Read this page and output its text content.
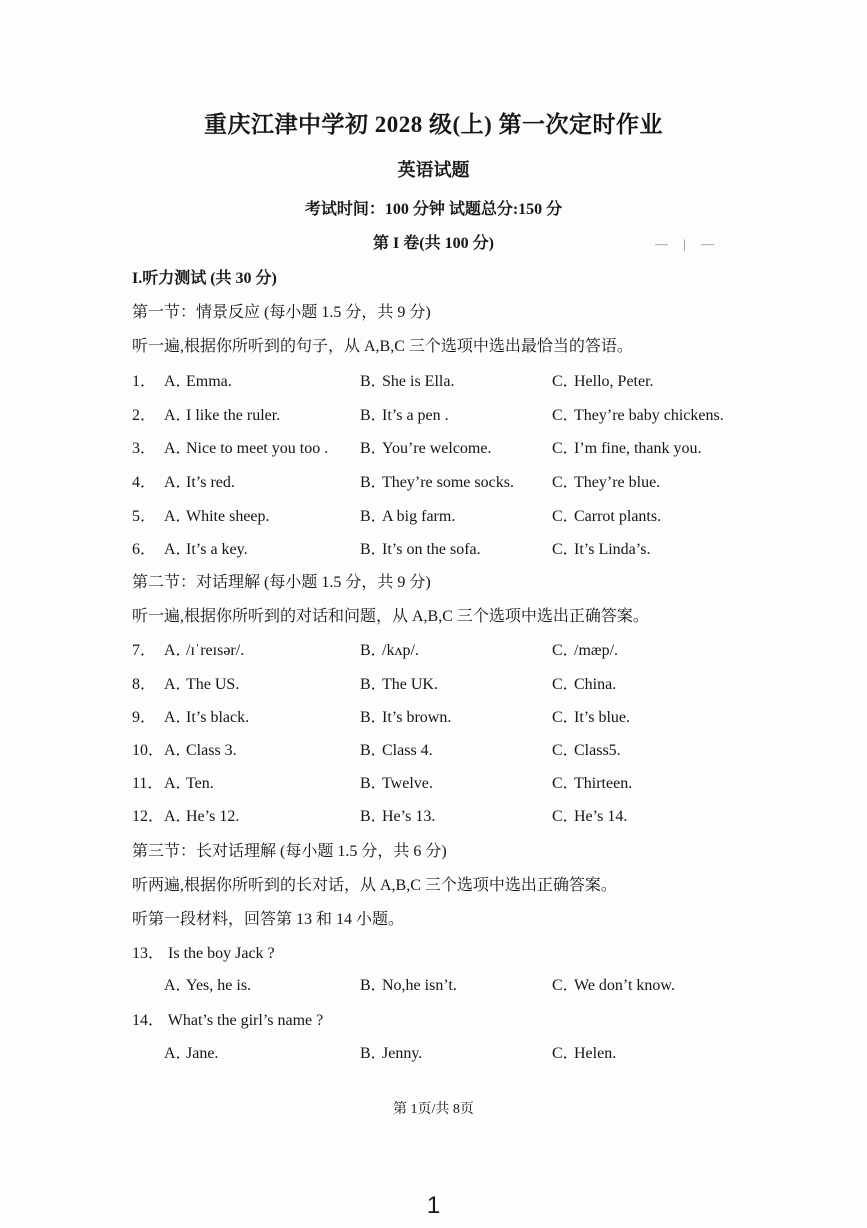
重庆江津中学初 2028 级(上) 第一次定时作业
英语试题
考试时间：100 分钟 试题总分:150 分
第 I 卷(共 100 分)	— | —
I.听力测试 (共 30 分)
第一节：情景反应 (每小题 1.5 分，共 9 分)
听一遍,根据你所听到的句子，从 A,B,C 三个选项中选出最恰当的答语。
1． A．Emma.	B．She is Ella.	C．Hello, Peter.
2． A．I like the ruler.	B．It’s a pen .	C．They’re baby chickens.
3． A．Nice to meet you too . B．You’re welcome.	C．I’m fine, thank you.
4． A．It’s red.	B．They’re some socks. C．They’re blue.
5． A．White sheep.	B．A big farm.	C．Carrot plants.
6． A．It’s a key.	B．It’s on the sofa.	C．It’s Linda’s.
第二节：对话理解 (每小题 1.5 分，共 9 分)
听一遍,根据你所听到的对话和问题，从 A,B,C 三个选项中选出正确答案。
7． A．/ɪˈreɪsər/.	B．/kʌp/.	C．/mæp/.
8． A．The US.	B．The UK.	C．China.
9． A．It’s black.	B．It’s brown.	C．It’s blue.
10． A．Class 3.	B．Class 4.	C．Class5.
11． A．Ten.	B．Twelve.	C．Thirteen.
12． A．He’s 12.	B．He’s 13.	C．He’s 14.
第三节：长对话理解 (每小题 1.5 分，共 6 分)
听两遍,根据你所听到的长对话，从 A,B,C 三个选项中选出正确答案。
听第一段材料，回答第 13 和 14 小题。
13． Is the boy Jack ?
A．Yes, he is.	B．No,he isn’t.	C．We don’t know.
14． What’s the girl’s name ?
A．Jane.	B．Jenny.	C．Helen.
第 1页/共 8页
1
